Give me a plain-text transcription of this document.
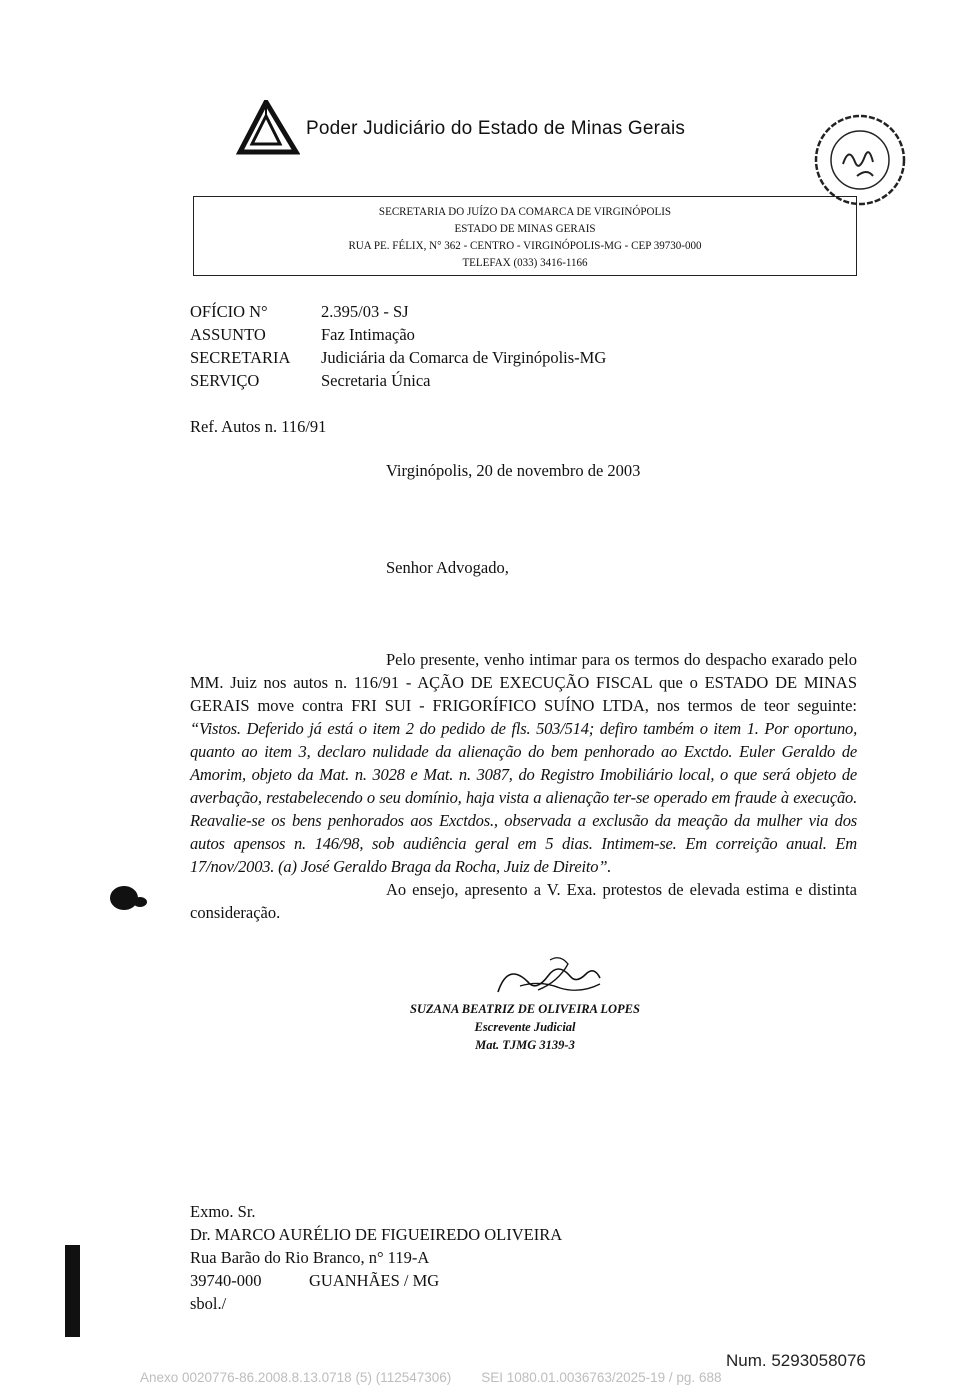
Poder Judiciário do Estado de Minas Gerais
SECRETARIA DO JUÍZO DA COMARCA DE VIRGINÓPOLIS
ESTADO DE MINAS GERAIS
RUA PE. FÉLIX, N° 362 - CENTRO - VIRGINÓPOLIS-MG - CEP 39730-000
TELEFAX (033) 3416-1166
OFÍCIO N°	2.395/03 - SJ
ASSUNTO	Faz Intimação
SECRETARIA	Judiciária da Comarca de Virginópolis-MG
SERVIÇO	Secretaria Única
Ref. Autos n. 116/91
Virginópolis, 20 de novembro de 2003
Senhor Advogado,

Pelo presente, venho intimar para os termos do despacho exarado pelo MM. Juiz nos autos n. 116/91 - AÇÃO DE EXECUÇÃO FISCAL que o ESTADO DE MINAS GERAIS move contra FRI SUI - FRIGORÍFICO SUÍNO LTDA, nos termos de teor seguinte: “Vistos. Deferido já está o item 2 do pedido de fls. 503/514; defiro também o item 1. Por oportuno, quanto ao item 3, declaro nulidade da alienação do bem penhorado ao Exctdo. Euler Geraldo de Amorim, objeto da Mat. n. 3028 e Mat. n. 3087, do Registro Imobiliário local, o que será objeto de averbação, restabelecendo o seu domínio, haja vista a alienação ter-se operado em fraude à execução. Reavalie-se os bens penhorados aos Exctdos., observada a exclusão da meação da mulher via dos autos apensos n. 146/98, sob audiência geral em 5 dias. Intimem-se. Em correição anual. Em 17/nov/2003. (a) José Geraldo Braga da Rocha, Juiz de Direito”.

Ao ensejo, apresento a V. Exa. protestos de elevada estima e distinta consideração.

SUZANA BEATRIZ DE OLIVEIRA LOPES
Escrevente Judicial
Mat. TJMG 3139-3
Exmo. Sr.
Dr. MARCO AURÉLIO DE FIGUEIREDO OLIVEIRA
Rua Barão do Rio Branco, n° 119-A
39740-000	GUANHÃES / MG
sbol./
Num. 5293058076
Anexo 0020776-86.2008.8.13.0718 (5) (112547306)        SEI 1080.01.0036763/2025-19 / pg. 688
